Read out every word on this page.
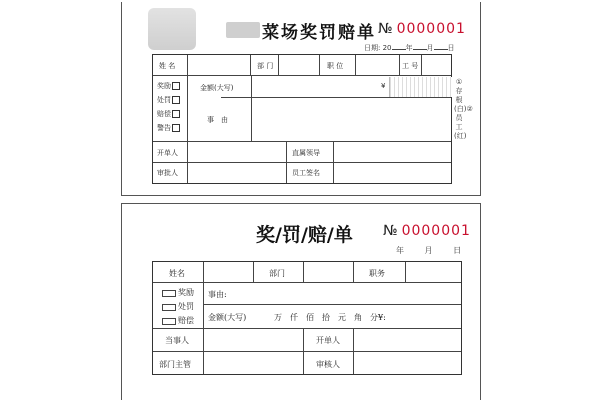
菜场奖罚赔单 № 0000001
日期: 20 年 月 日
姓 名	部 门	职 位	工 号
奖励
处罚
赔偿
警告
金额(大写)	¥
事　由
开单人	直属领导
审批人	员工签名
①存根(白)②员工(红)
奖/罚/赔/单 № 0000001
年	月	日
姓名	部门	职务
奖励
处罚
赔偿
事由:
金额(大写)	万　仟　佰　拾　元　角　分¥:
当事人	开单人
部门主管	审核人
